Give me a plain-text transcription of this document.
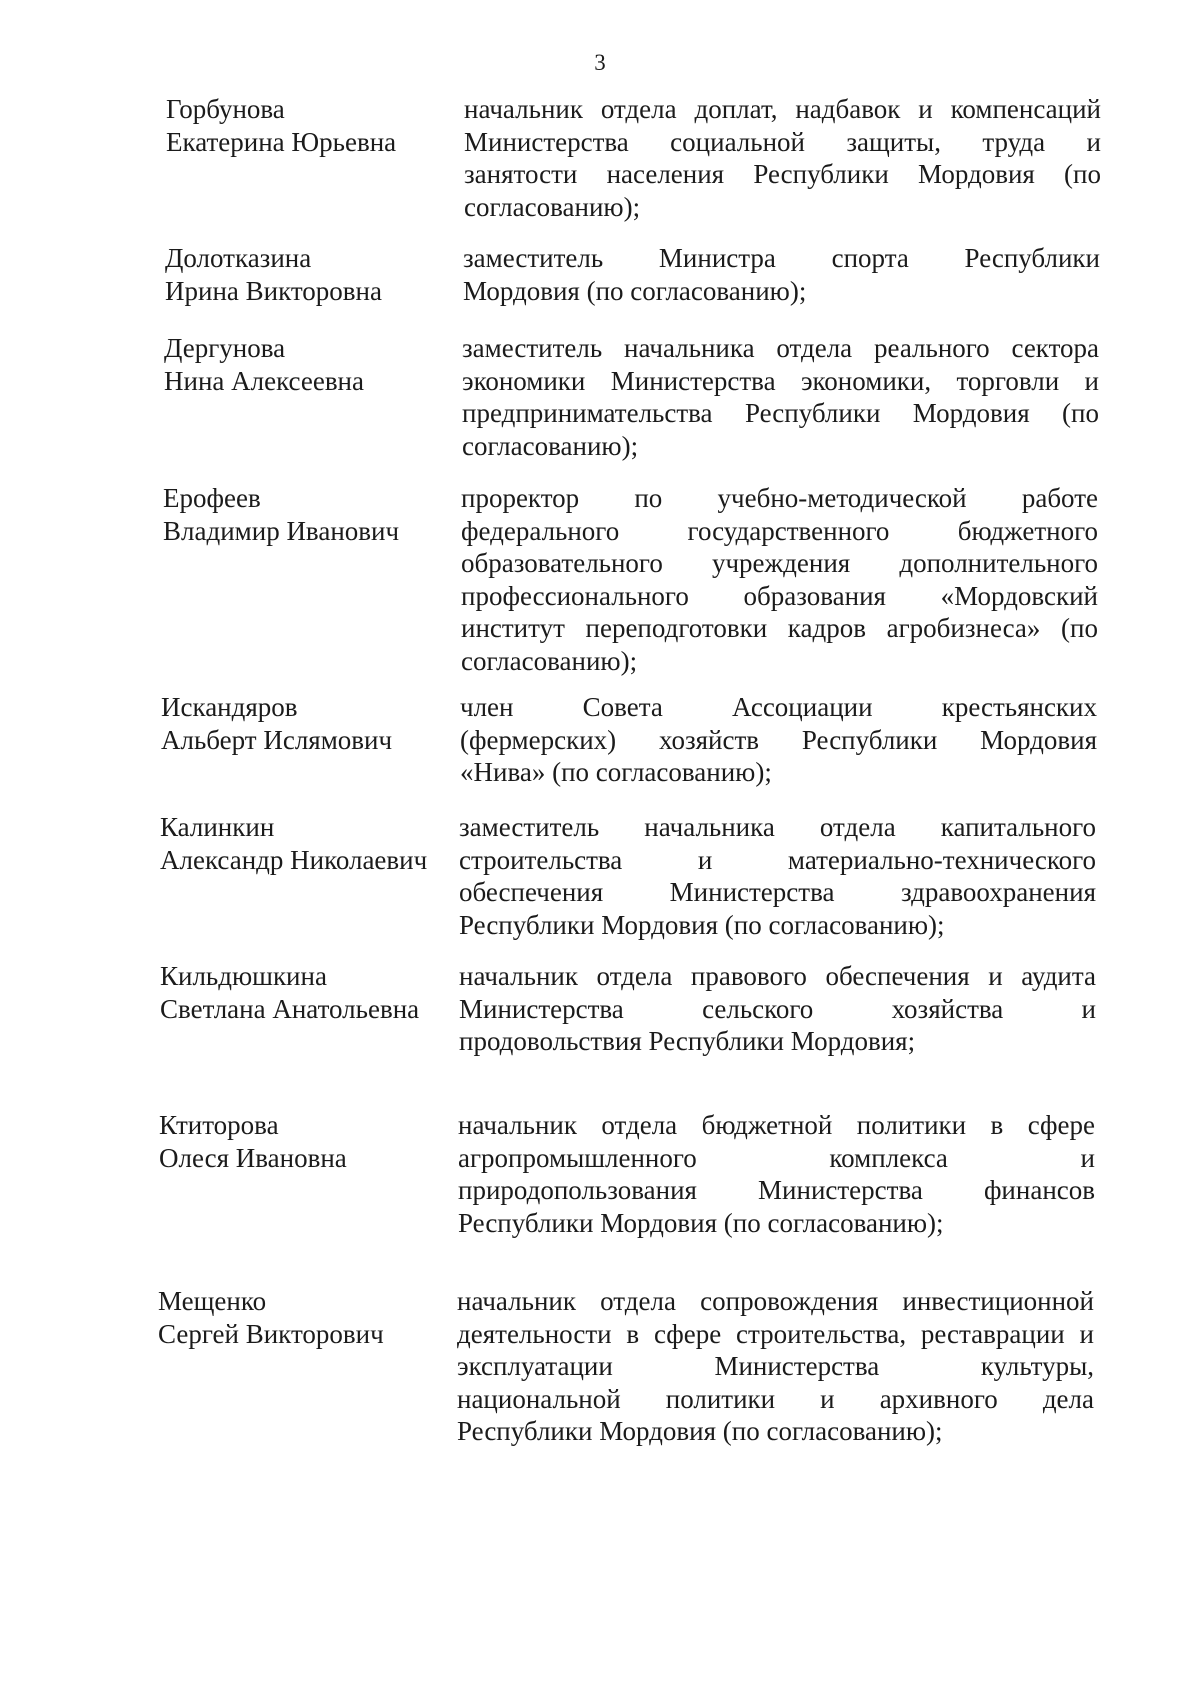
3
Горбунова
Екатерина Юрьевна
начальник отдела доплат, надбавок и компенсаций
Министерства социальной защиты, труда и
занятости населения Республики Мордовия (по
согласованию);
Долотказина
Ирина Викторовна
заместитель Министра спорта Республики
Мордовия (по согласованию);
Дергунова
Нина Алексеевна
заместитель начальника отдела реального сектора
экономики Министерства экономики, торговли и
предпринимательства Республики Мордовия (по
согласованию);
Ерофеев
Владимир Иванович
проректор по учебно-методической работе
федерального государственного бюджетного
образовательного учреждения дополнительного
профессионального образования «Мордовский
институт переподготовки кадров агробизнеса» (по
согласованию);
Искандяров
Альберт Ислямович
член Совета Ассоциации крестьянских
(фермерских) хозяйств Республики Мордовия
«Нива» (по согласованию);
Калинкин
Александр Николаевич
заместитель начальника отдела капитального
строительства и материально-технического
обеспечения Министерства здравоохранения
Республики Мордовия (по согласованию);
Кильдюшкина
Светлана Анатольевна
начальник отдела правового обеспечения и аудита
Министерства сельского хозяйства и
продовольствия Республики Мордовия;
Ктиторова
Олеся Ивановна
начальник отдела бюджетной политики в сфере
агропромышленного комплекса и
природопользования Министерства финансов
Республики Мордовия (по согласованию);
Мещенко
Сергей Викторович
начальник отдела сопровождения инвестиционной
деятельности в сфере строительства, реставрации и
эксплуатации Министерства культуры,
национальной политики и архивного дела
Республики Мордовия (по согласованию);
